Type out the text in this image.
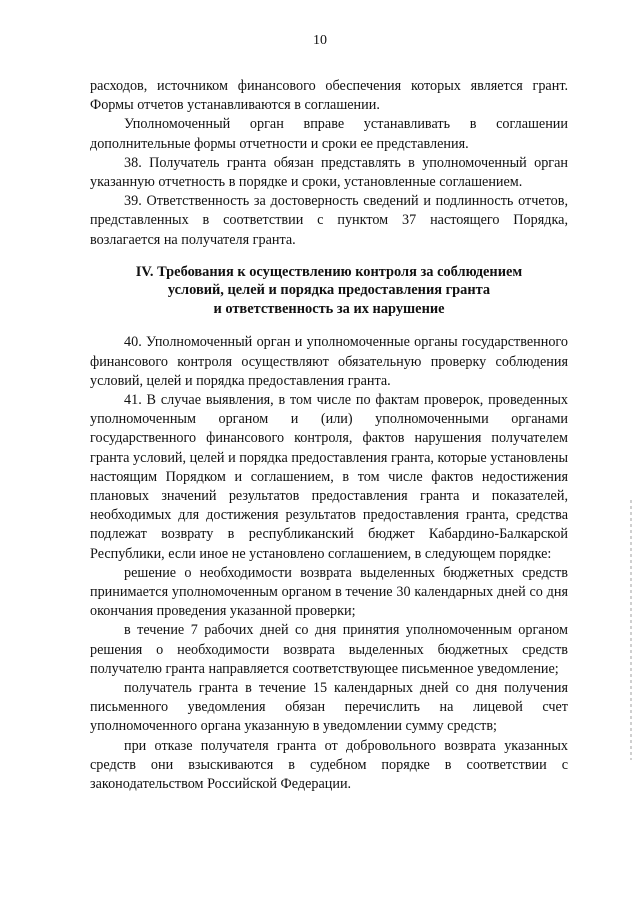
10

расходов, источником финансового обеспечения которых является грант. Формы отчетов устанавливаются в соглашении.

Уполномоченный орган вправе устанавливать в соглашении дополнительные формы отчетности и сроки ее представления.

38. Получатель гранта обязан представлять в уполномоченный орган указанную отчетность в порядке и сроки, установленные соглашением.

39. Ответственность за достоверность сведений и подлинность отчетов, представленных в соответствии с пунктом 37 настоящего Порядка, возлагается на получателя гранта.

IV. Требования к осуществлению контроля за соблюдением
условий, целей и порядка предоставления гранта
и ответственность за их нарушение

40. Уполномоченный орган и уполномоченные органы государственного финансового контроля осуществляют обязательную проверку соблюдения условий, целей и порядка предоставления гранта.

41. В случае выявления, в том числе по фактам проверок, проведенных уполномоченным органом и (или) уполномоченными органами государственного финансового контроля, фактов нарушения получателем гранта условий, целей и порядка предоставления гранта, которые установлены настоящим Порядком и соглашением, в том числе фактов недостижения плановых значений результатов предоставления гранта и показателей, необходимых для достижения результатов предоставления гранта, средства подлежат возврату в республиканский бюджет Кабардино-Балкарской Республики, если иное не установлено соглашением, в следующем порядке:

решение о необходимости возврата выделенных бюджетных средств принимается уполномоченным органом в течение 30 календарных дней со дня окончания проведения указанной проверки;

в течение 7 рабочих дней со дня принятия уполномоченным органом решения о необходимости возврата выделенных бюджетных средств получателю гранта направляется соответствующее письменное уведомление;

получатель гранта в течение 15 календарных дней со дня получения письменного уведомления обязан перечислить на лицевой счет уполномоченного органа указанную в уведомлении сумму средств;

при отказе получателя гранта от добровольного возврата указанных средств они взыскиваются в судебном порядке в соответствии с законодательством Российской Федерации.
